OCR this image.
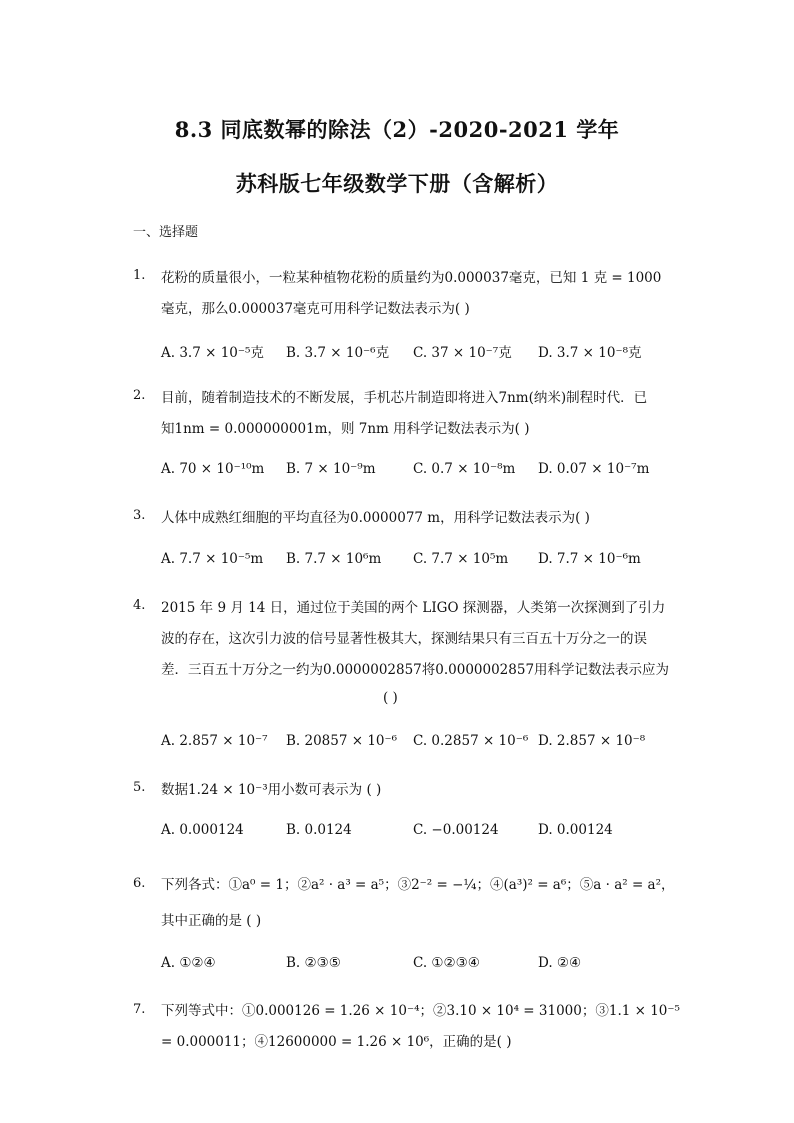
8.3 同底数幂的除法（2）-2020-2021 学年
苏科版七年级数学下册（含解析）
一、选择题
1. 花粉的质量很小，一粒某种植物花粉的质量约为0.000037毫克，已知 1 克 = 1000
毫克，那么0.000037毫克可用科学记数法表示为( )
A. 3.7 × 10⁻⁵克 B. 3.7 × 10⁻⁶克 C. 37 × 10⁻⁷克 D. 3.7 × 10⁻⁸克
2. 目前，随着制造技术的不断发展，手机芯片制造即将进入7nm(纳米)制程时代．已
知1nm = 0.000000001m，则 7nm 用科学记数法表示为( )
A. 70 × 10⁻¹⁰m B. 7 × 10⁻⁹m	C. 0.7 × 10⁻⁸m D. 0.07 × 10⁻⁷m
3. 人体中成熟红细胞的平均直径为0.0000077 m，用科学记数法表示为( )
A. 7.7 × 10⁻⁵m B. 7.7 × 10⁶m C. 7.7 × 10⁵m D. 7.7 × 10⁻⁶m
4. 2015 年 9 月 14 日，通过位于美国的两个 LIGO 探测器，人类第一次探测到了引力
波的存在，这次引力波的信号显著性极其大，探测结果只有三百五十万分之一的误
差．三百五十万分之一约为0.0000002857将0.0000002857用科学记数法表示应为
( )
A. 2.857 × 10⁻⁷ B. 20857 × 10⁻⁶ C. 0.2857 × 10⁻⁶ D. 2.857 × 10⁻⁸
5. 数据1.24 × 10⁻³用小数可表示为 ( )
A. 0.000124	B. 0.0124	C. −0.00124	D. 0.00124
6. 下列各式：①a⁰ = 1；②a² · a³ = a⁵；③2⁻² = −¼；④(a³)² = a⁶；⑤a · a² = a²，
其中正确的是 ( )
A. ①②④	B. ②③⑤	C. ①②③④	D. ②④
7. 下列等式中：①0.000126 = 1.26 × 10⁻⁴；②3.10 × 10⁴ = 31000；③1.1 × 10⁻⁵
= 0.000011；④12600000 = 1.26 × 10⁶，正确的是( )
